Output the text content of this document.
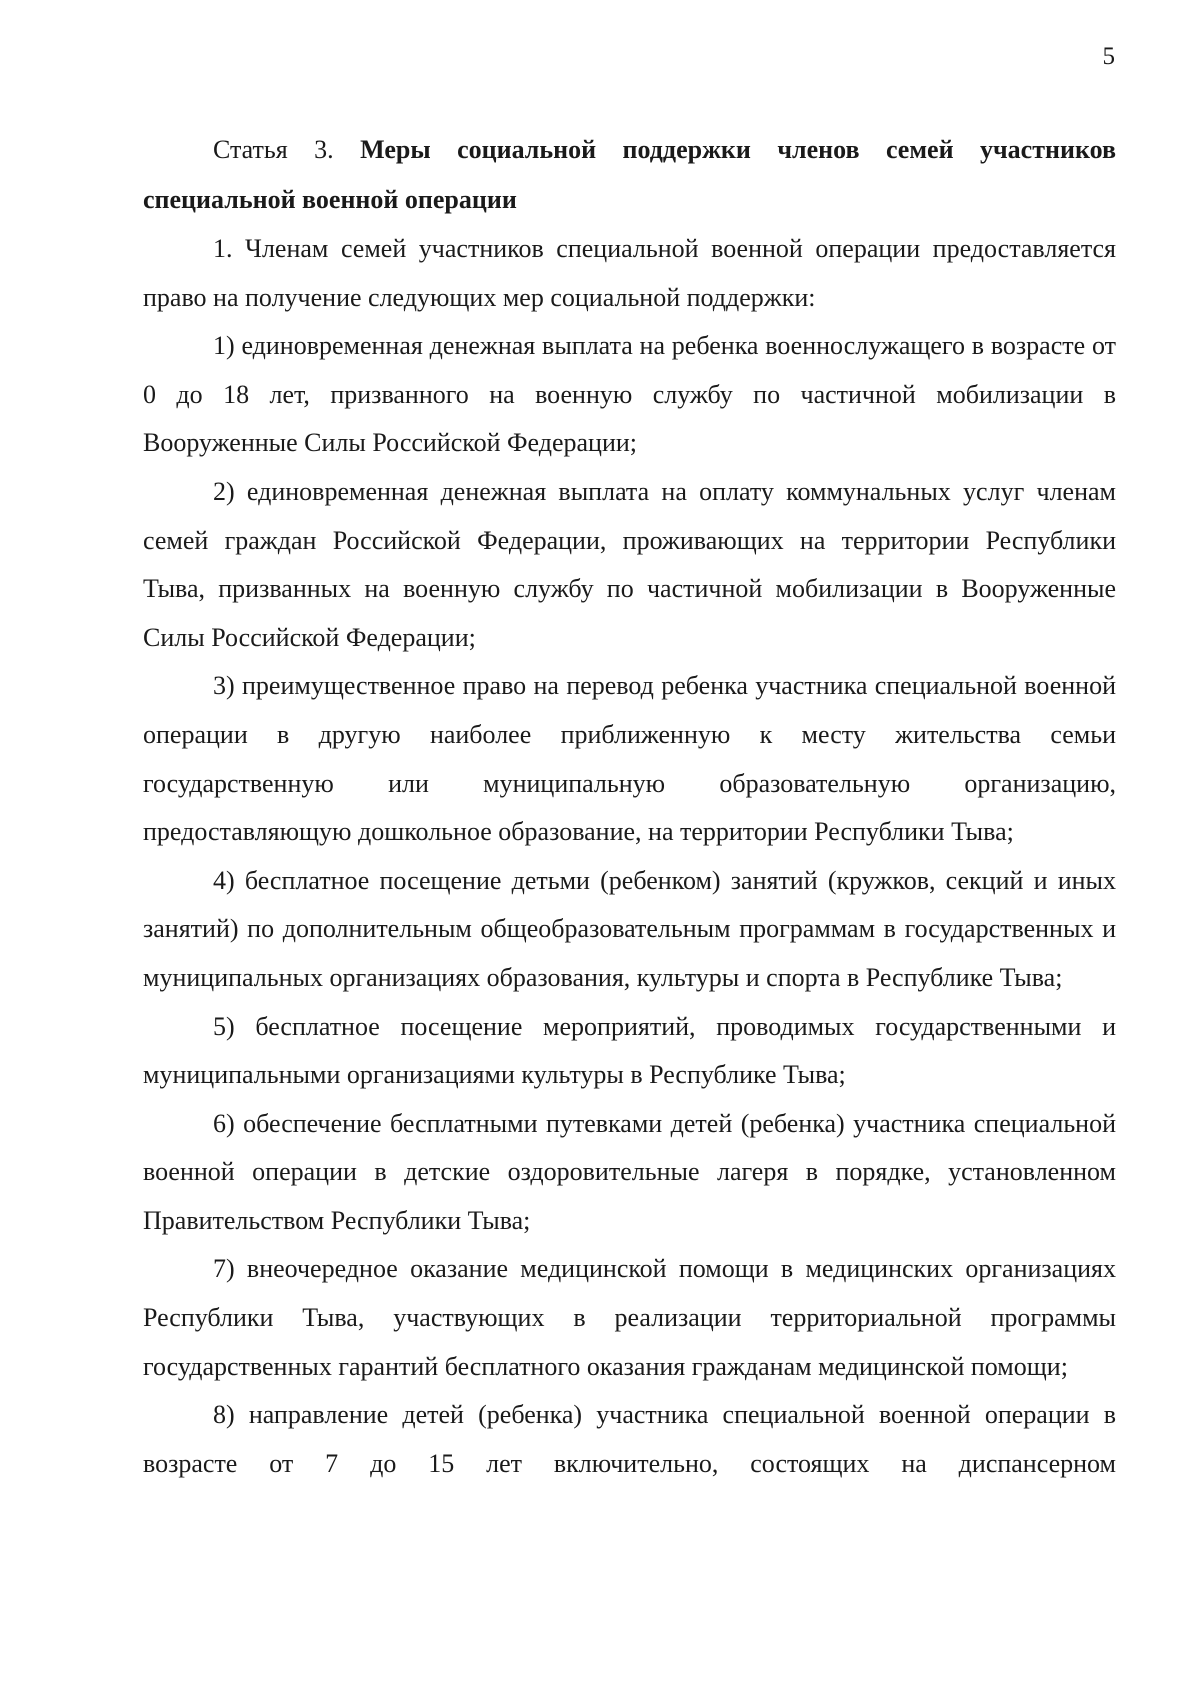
5
Статья 3. Меры социальной поддержки членов семей участников специальной военной операции

1. Членам семей участников специальной военной операции предоставляется право на получение следующих мер социальной поддержки:

1) единовременная денежная выплата на ребенка военнослужащего в возрасте от 0 до 18 лет, призванного на военную службу по частичной мобилизации в Вооруженные Силы Российской Федерации;

2) единовременная денежная выплата на оплату коммунальных услуг членам семей граждан Российской Федерации, проживающих на территории Республики Тыва, призванных на военную службу по частичной мобилизации в Вооруженные Силы Российской Федерации;

3) преимущественное право на перевод ребенка участника специальной военной операции в другую наиболее приближенную к месту жительства семьи государственную или муниципальную образовательную организацию, предоставляющую дошкольное образование, на территории Республики Тыва;

4) бесплатное посещение детьми (ребенком) занятий (кружков, секций и иных занятий) по дополнительным общеобразовательным программам в государственных и муниципальных организациях образования, культуры и спорта в Республике Тыва;

5) бесплатное посещение мероприятий, проводимых государственными и муниципальными организациями культуры в Республике Тыва;

6) обеспечение бесплатными путевками детей (ребенка) участника специальной военной операции в детские оздоровительные лагеря в порядке, установленном Правительством Республики Тыва;

7) внеочередное оказание медицинской помощи в медицинских организациях Республики Тыва, участвующих в реализации территориальной программы государственных гарантий бесплатного оказания гражданам медицинской помощи;

8) направление детей (ребенка) участника специальной военной операции в возрасте от 7 до 15 лет включительно, состоящих на диспансерном
